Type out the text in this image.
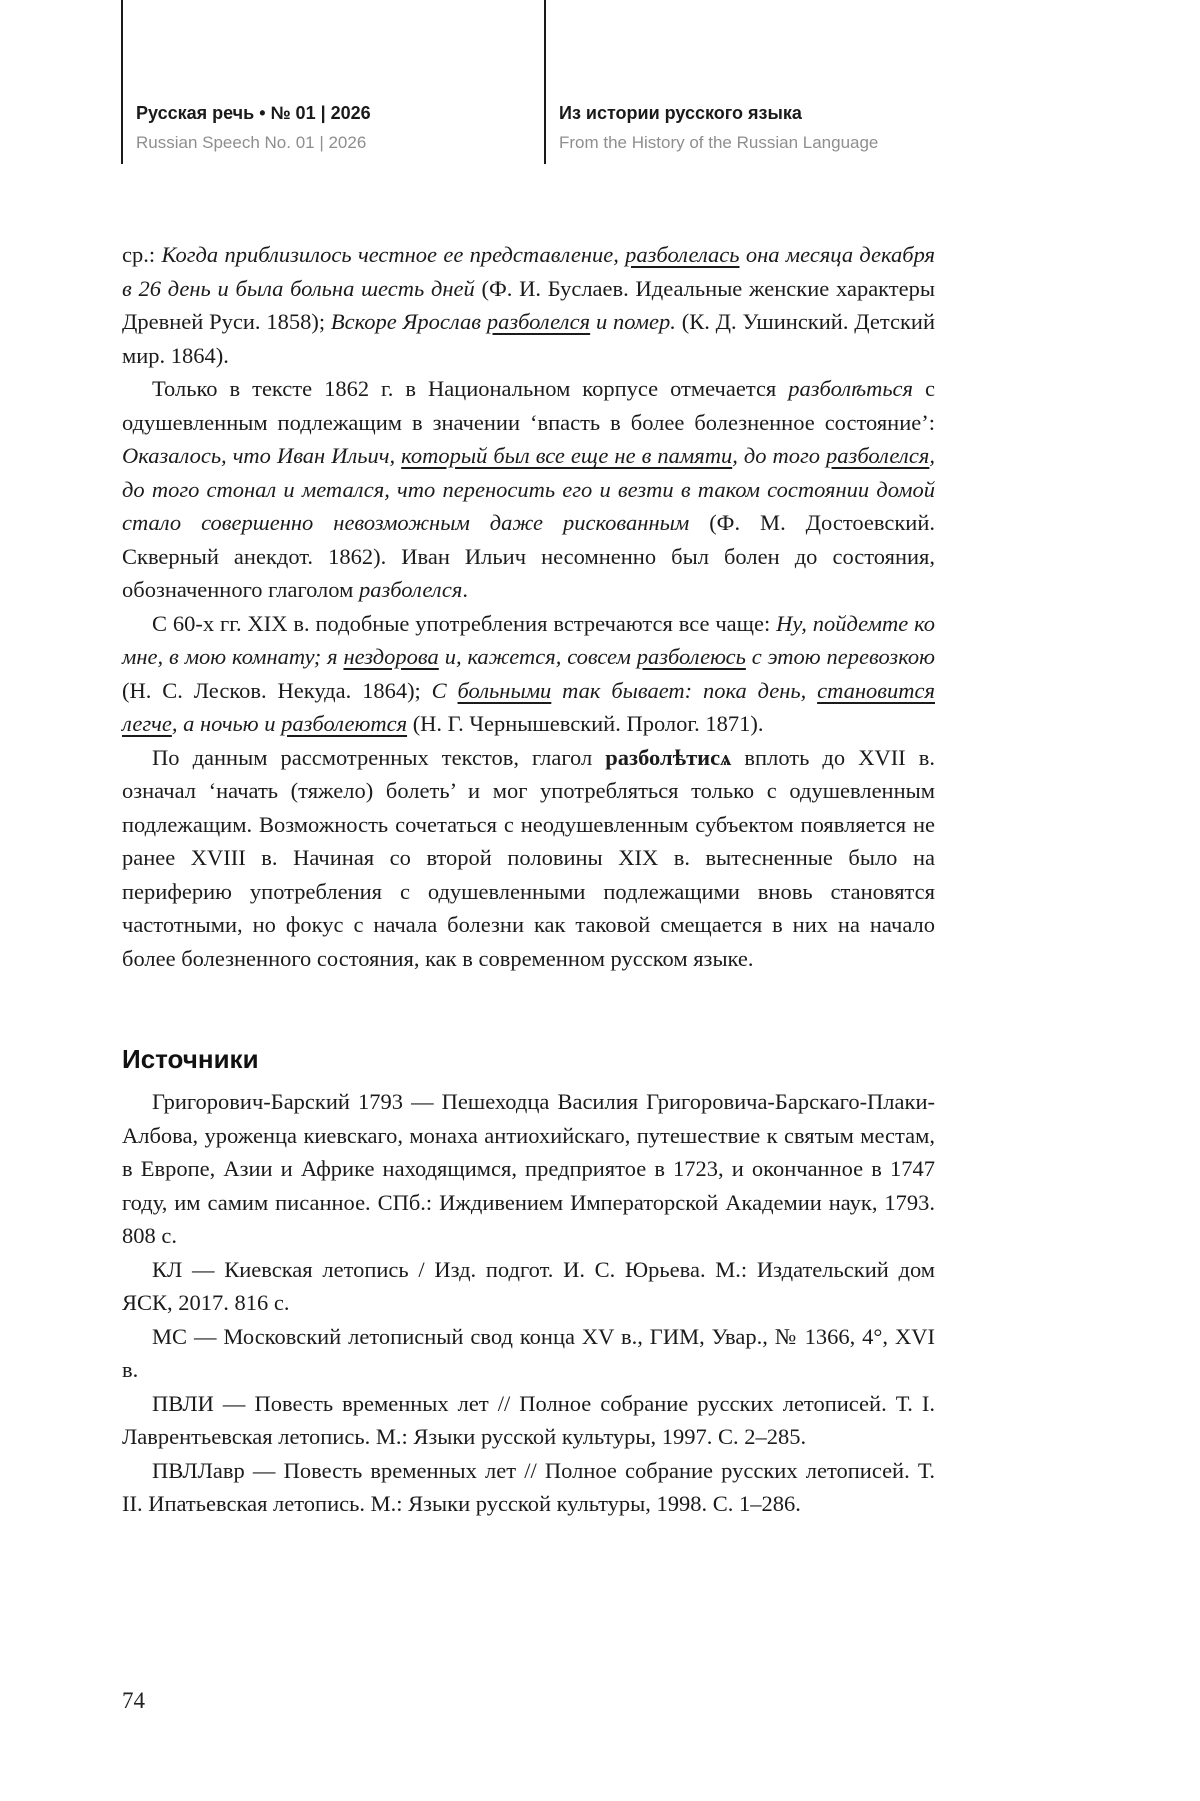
Русская речь • № 01 | 2026
Russian Speech No. 01 | 2026
Из истории русского языка
From the History of the Russian Language

ср.: Когда приблизилось честное ее представление, разболелась она месяца декабря в 26 день и была больна шесть дней (Ф. И. Буслаев. Идеальные женские характеры Древней Руси. 1858); Вскоре Ярослав разболелся и помер. (К. Д. Ушинский. Детский мир. 1864).

Только в тексте 1862 г. в Национальном корпусе отмечается разболѣться с одушевленным подлежащим в значении ‘впасть в более болезненное состояние’: Оказалось, что Иван Ильич, который был все еще не в памяти, до того разболелся, до того стонал и метался, что переносить его и везти в таком состоянии домой стало совершенно невозможным даже рискованным (Ф. М. Достоевский. Скверный анекдот. 1862). Иван Ильич несомненно был болен до состояния, обозначенного глаголом разболелся.

С 60-х гг. XIX в. подобные употребления встречаются все чаще: Ну, пойдемте ко мне, в мою комнату; я нездорова и, кажется, совсем разболеюсь с этою перевозкою (Н. С. Лесков. Некуда. 1864); С больными так бывает: пока день, становится легче, а ночью и разболеются (Н. Г. Чернышевский. Пролог. 1871).

По данным рассмотренных текстов, глагол разболѣтисѧ вплоть до XVII в. означал ‘начать (тяжело) болеть’ и мог употребляться только с одушевленным подлежащим. Возможность сочетаться с неодушевленным субъектом появляется не ранее XVIII в. Начиная со второй половины XIX в. вытесненные было на периферию употребления с одушевленными подлежащими вновь становятся частотными, но фокус с начала болезни как таковой смещается в них на начало более болезненного состояния, как в современном русском языке.

Источники

Григорович-Барский 1793 — Пешеходца Василия Григоровича-Барскаго-Плаки-Албова, уроженца киевскаго, монаха антиохийскаго, путешествие к святым местам, в Европе, Азии и Африке находящимся, предприятое в 1723, и окончанное в 1747 году, им самим писанное. СПб.: Иждивением Императорской Академии наук, 1793. 808 с.

КЛ — Киевская летопись / Изд. подгот. И. С. Юрьева. М.: Издательский дом ЯСК, 2017. 816 с.

МС — Московский летописный свод конца XV в., ГИМ, Увар., № 1366, 4°, XVI в.

ПВЛИ — Повесть временных лет // Полное собрание русских летописей. Т. I. Лаврентьевская летопись. М.: Языки русской культуры, 1997. С. 2–285.

ПВЛЛавр — Повесть временных лет // Полное собрание русских летописей. Т. II. Ипатьевская летопись. М.: Языки русской культуры, 1998. С. 1–286.

74
